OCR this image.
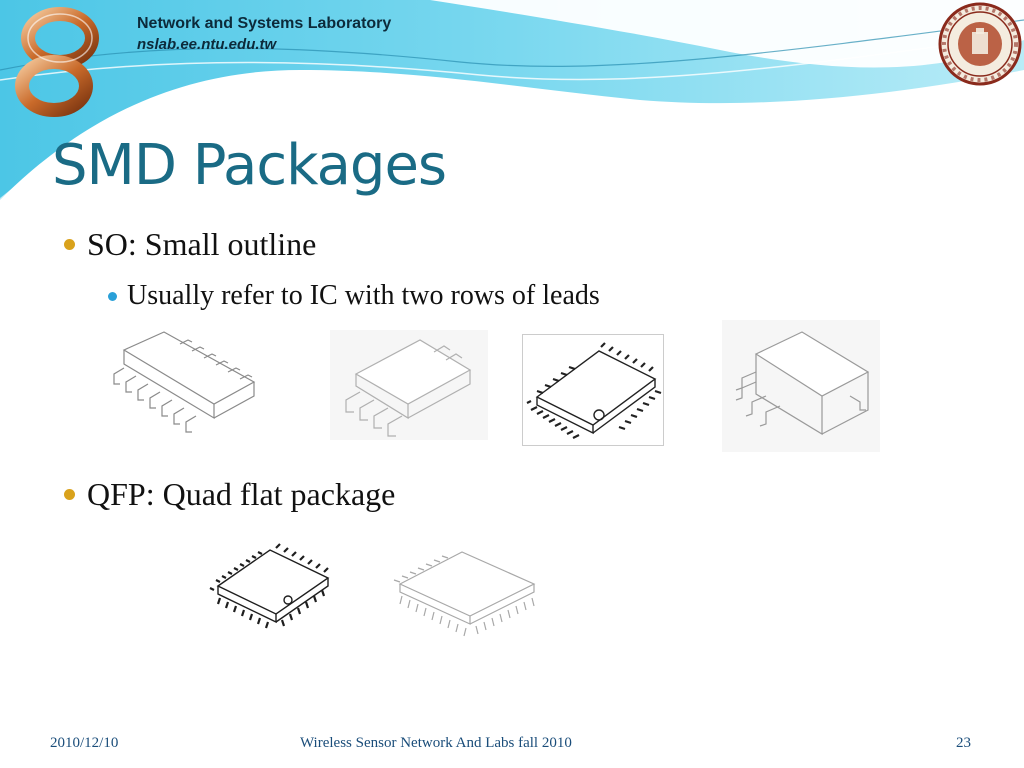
Network and Systems Laboratory
nslab.ee.ntu.edu.tw
SMD Packages
SO: Small outline
Usually refer to IC with two rows of leads
QFP: Quad flat package
2010/12/10	Wireless Sensor Network And Labs fall 2010	23
